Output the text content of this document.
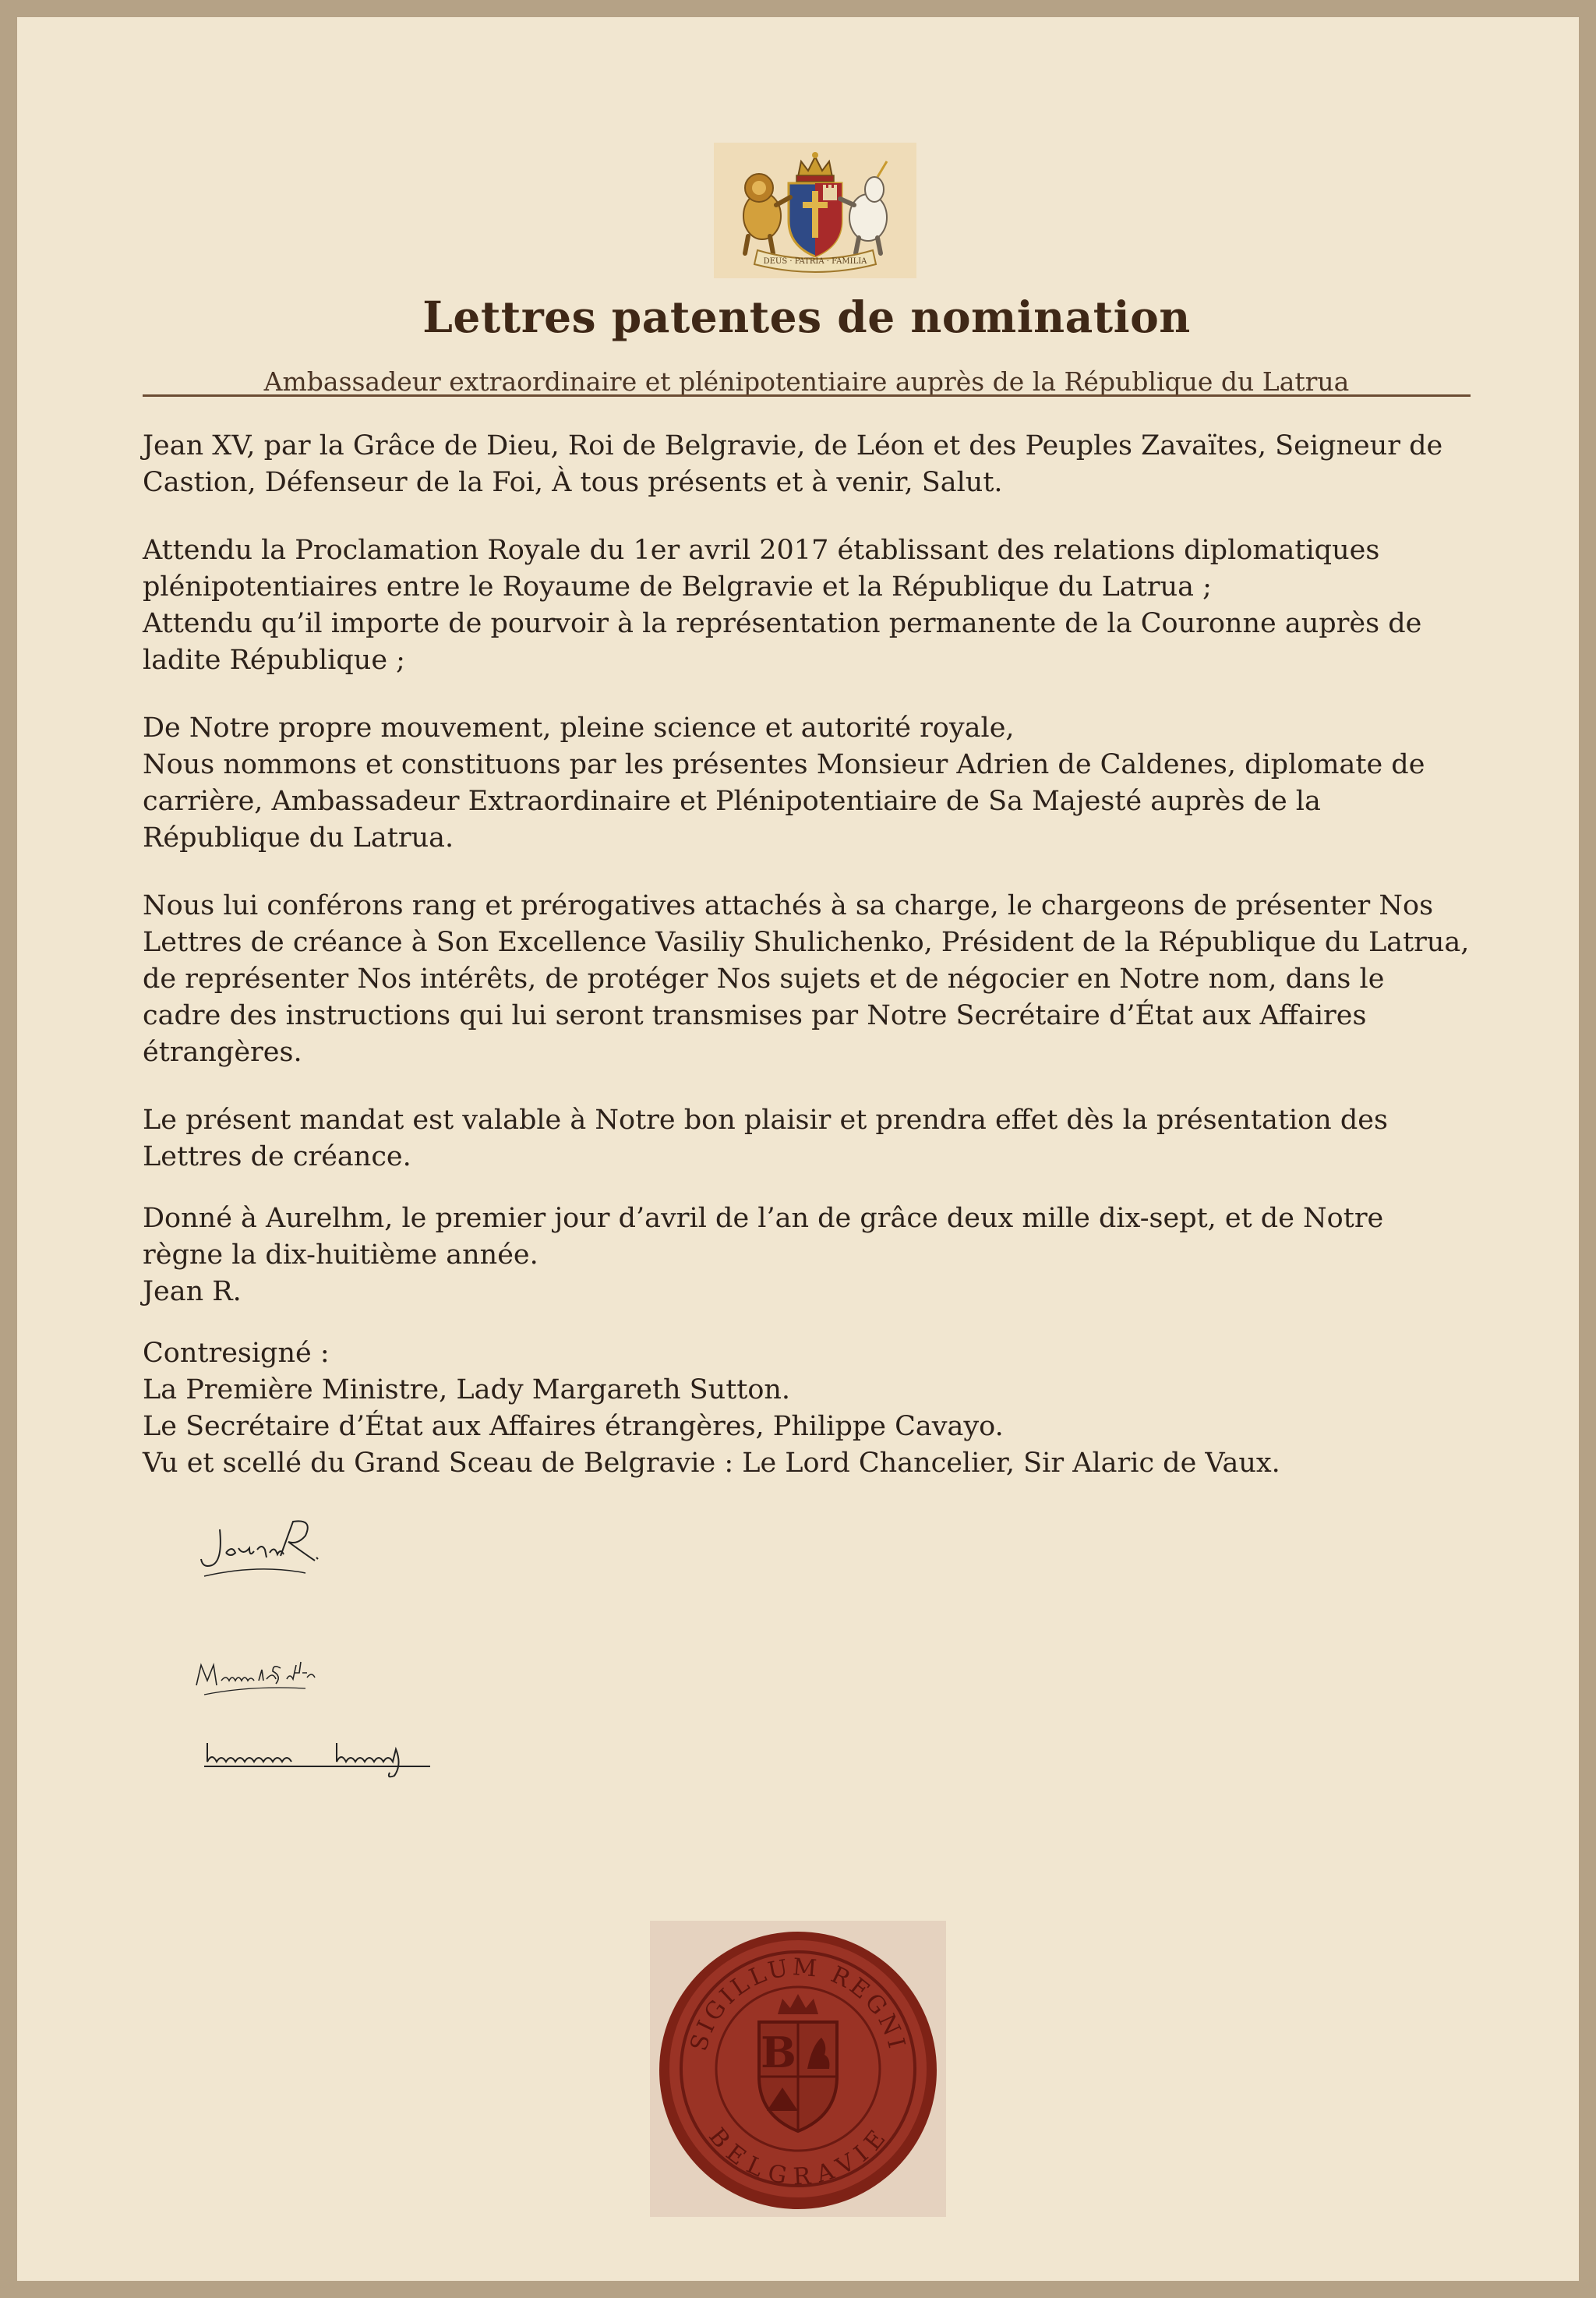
DEUS · PATRIA · FAMILIA
Lettres patentes de nomination
Ambassadeur extraordinaire et plénipotentiaire auprès de la République du Latrua

Jean XV, par la Grâce de Dieu, Roi de Belgravie, de Léon et des Peuples Zavaïtes, Seigneur de Castion, Défenseur de la Foi, À tous présents et à venir, Salut.

Attendu la Proclamation Royale du 1er avril 2017 établissant des relations diplomatiques plénipotentiaires entre le Royaume de Belgravie et la République du Latrua ;

Attendu qu’il importe de pourvoir à la représentation permanente de la Couronne auprès de ladite République ;

De Notre propre mouvement, pleine science et autorité royale,

Nous nommons et constituons par les présentes Monsieur Adrien de Caldenes, diplomate de carrière, Ambassadeur Extraordinaire et Plénipotentiaire de Sa Majesté auprès de la République du Latrua.

Nous lui conférons rang et prérogatives attachés à sa charge, le chargeons de présenter Nos Lettres de créance à Son Excellence Vasiliy Shulichenko, Président de la République du Latrua, de représenter Nos intérêts, de protéger Nos sujets et de négocier en Notre nom, dans le cadre des instructions qui lui seront transmises par Notre Secrétaire d’État aux Affaires étrangères.

Le présent mandat est valable à Notre bon plaisir et prendra effet dès la présentation des Lettres de créance.

Donné à Aurelhm, le premier jour d’avril de l’an de grâce deux mille dix-sept, et de Notre règne la dix-huitième année.

Jean R.

Contresigné :

La Première Ministre, Lady Margareth Sutton.

Le Secrétaire d’État aux Affaires étrangères, Philippe Cavayo.

Vu et scellé du Grand Sceau de Belgravie : Le Lord Chancelier, Sir Alaric de Vaux.

SIGILLUM REGNI
BELGRAVIE
B
